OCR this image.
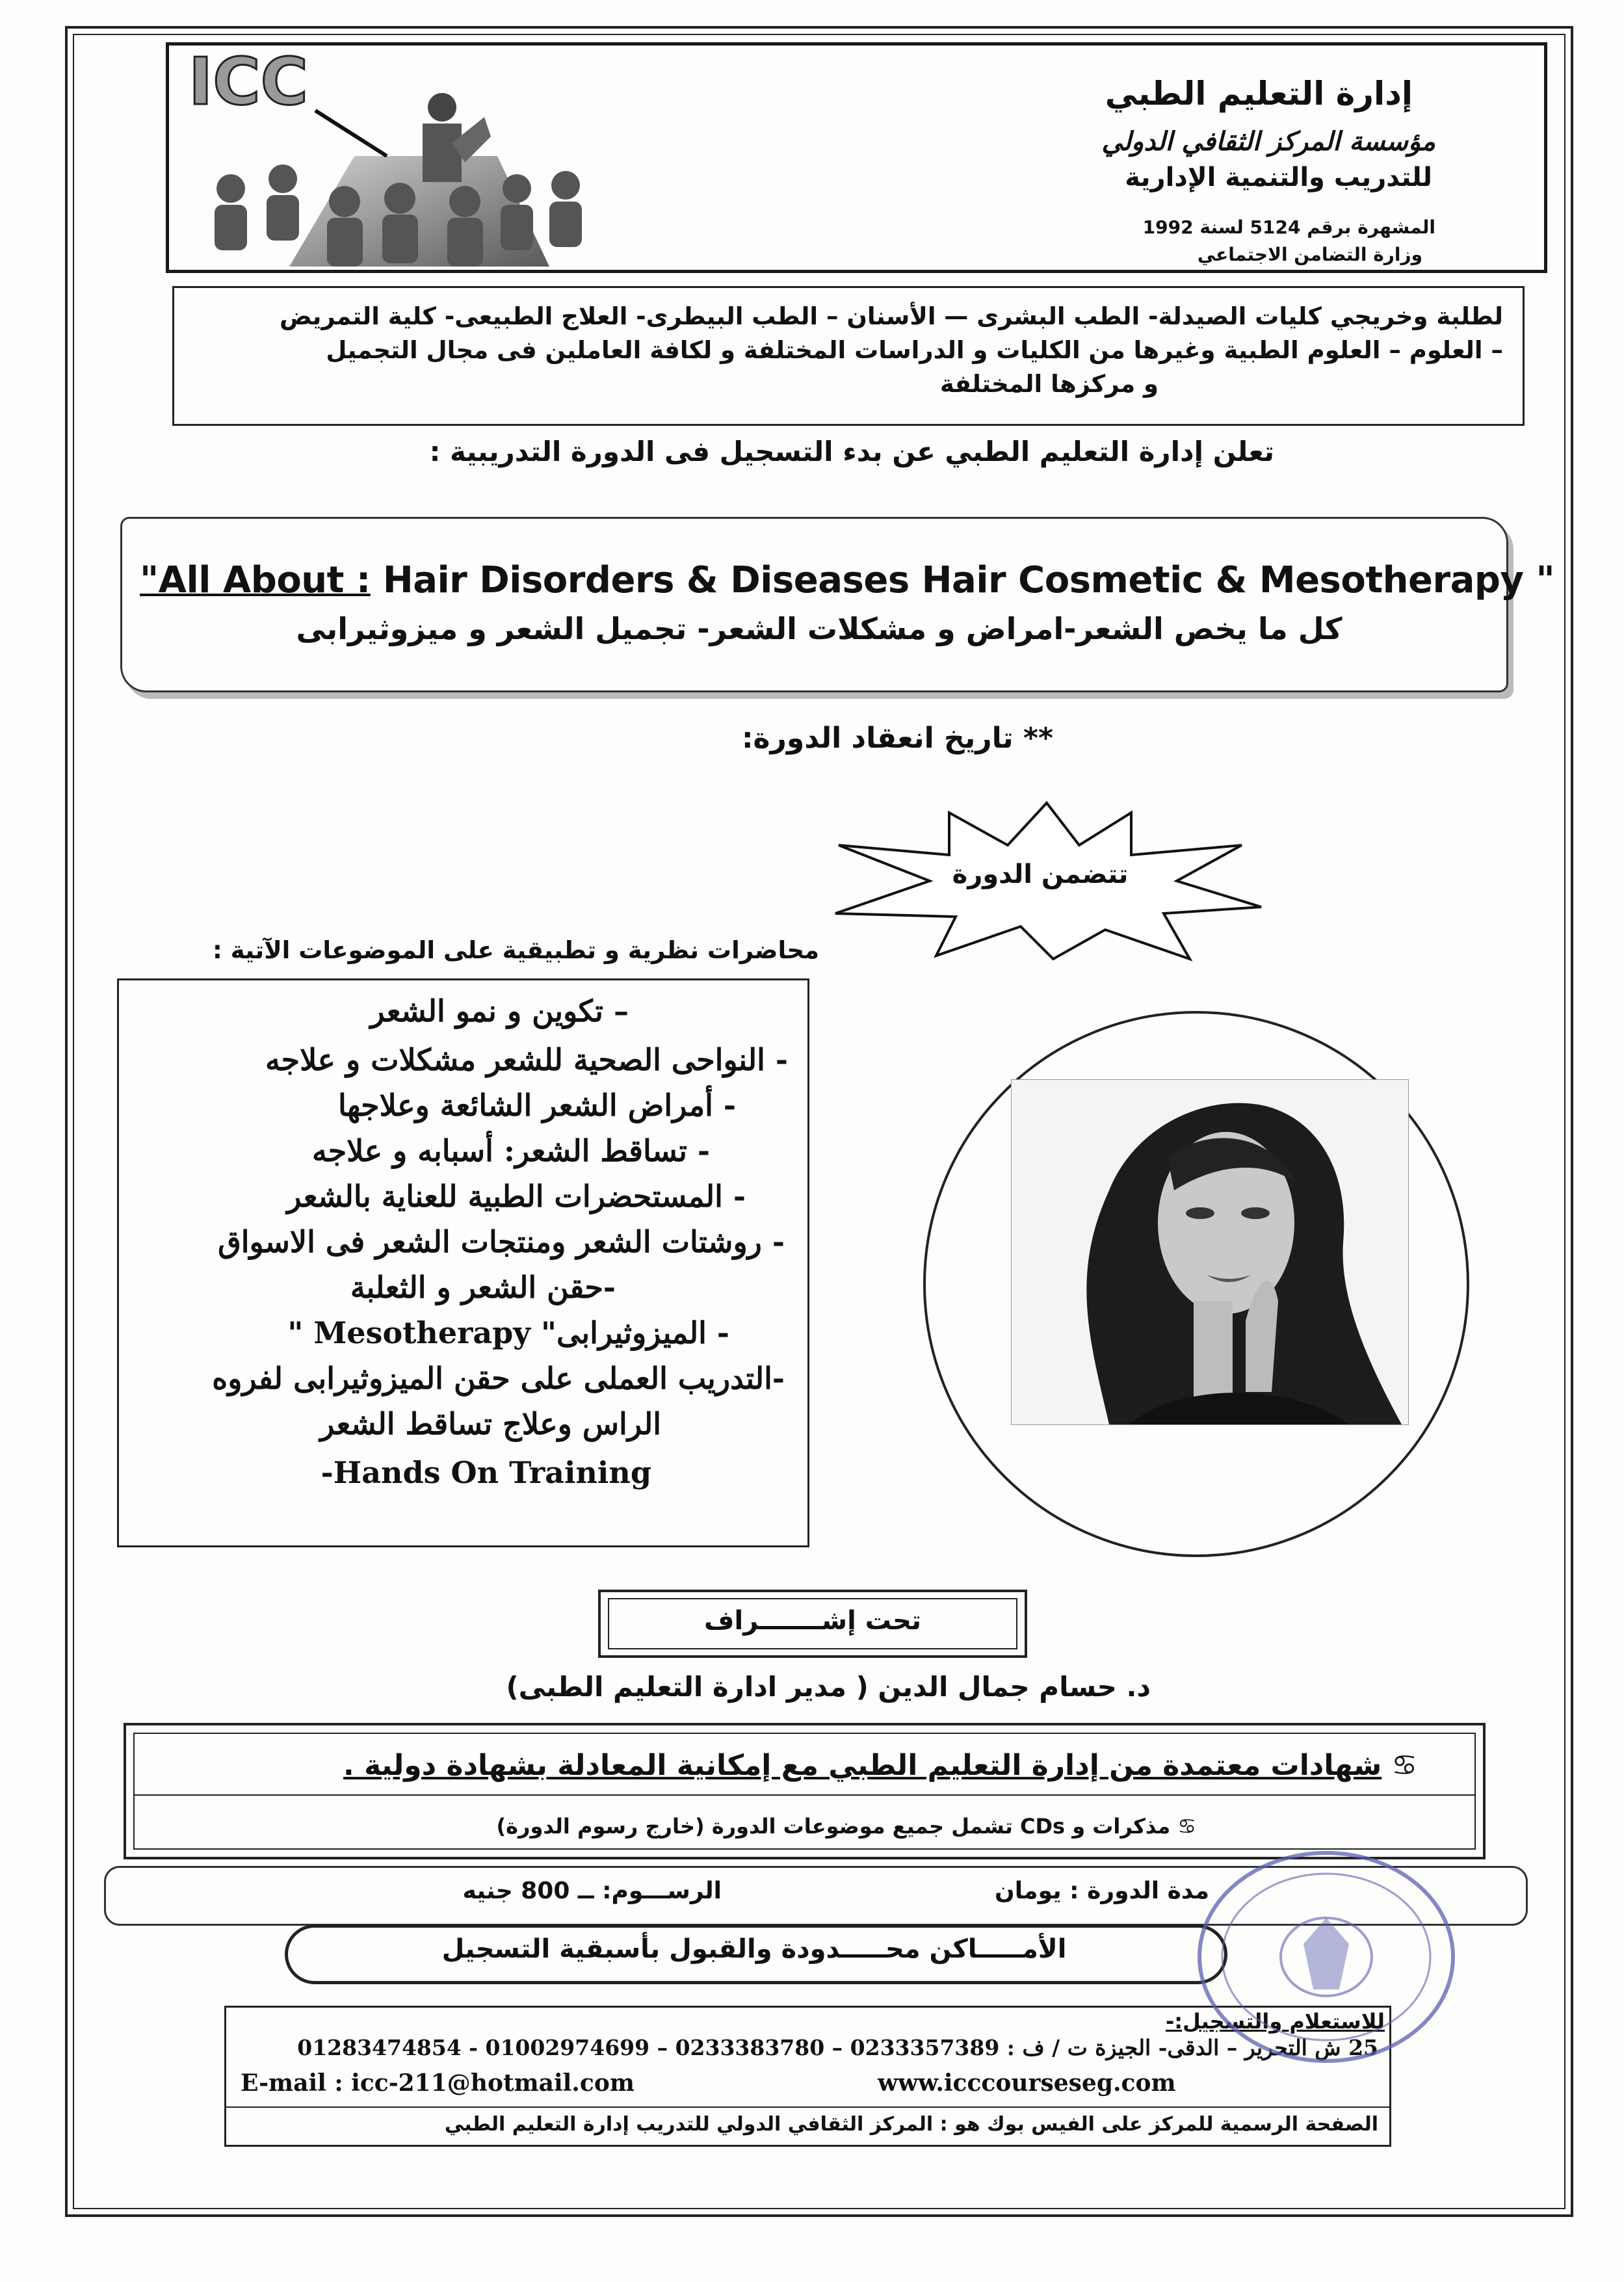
ICC	إدارة التعليم الطبي
مؤسسة المركز الثقافي الدولي
للتدريب والتنمية الإدارية
المشهرة برقم 5124 لسنة 1992
وزارة التضامن الاجتماعي
لطلبة وخريجي كليات الصيدلة- الطب البشرى — الأسنان – الطب البيطرى- العلاج الطبيعى- كلية التمريض
– العلوم – العلوم الطبية وغيرها من الكليات و الدراسات المختلفة و لكافة العاملين فى مجال التجميل
و مركزها المختلفة
تعلن إدارة التعليم الطبي عن بدء التسجيل فى الدورة التدريبية :
"All About : Hair Disorders & Diseases Hair Cosmetic & Mesotherapy "
كل ما يخص الشعر-امراض و مشكلات الشعر- تجميل الشعر و ميزوثيرابى
** تاريخ انعقاد الدورة:
تتضمن الدورة
محاضرات نظرية و تطبيقية على الموضوعات الآتية :
– تكوين و نمو الشعر
- النواحى الصحية للشعر مشكلات و علاجه
- أمراض الشعر الشائعة وعلاجها
- تساقط الشعر: أسبابه و علاجه
- المستحضرات الطبية للعناية بالشعر
- روشتات الشعر ومنتجات الشعر فى الاسواق
-حقن الشعر و الثعلبة
- الميزوثيرابى" Mesotherapy "
-التدريب العملى على حقن الميزوثيرابى لفروه
الراس وعلاج تساقط الشعر
-Hands On Training
تحت إشـــــــراف
د. حسام جمال الدين ( مدير ادارة التعليم الطبى)
♋ شهادات معتمدة من إدارة التعليم الطبي مع إمكانية المعادلة بشهادة دولية .
♋ مذكرات و CDs تشمل جميع موضوعات الدورة (خارج رسوم الدورة)
مدة الدورة : يومان
الرســـوم: ــ 800 جنيه
الأمـــــاكن محـــــدودة والقبول بأسبقية التسجيل
للاستعلام والتسجيل:-
25 ش التحرير – الدقى- الجيزة ت / ف : 0233357389 – 0233383780 – 01002974699 - 01283474854
E-mail : icc-211@hotmail.com	www.icccourseseg.com
الصفحة الرسمية للمركز على الفيس بوك هو : المركز الثقافي الدولي للتدريب إدارة التعليم الطبي
